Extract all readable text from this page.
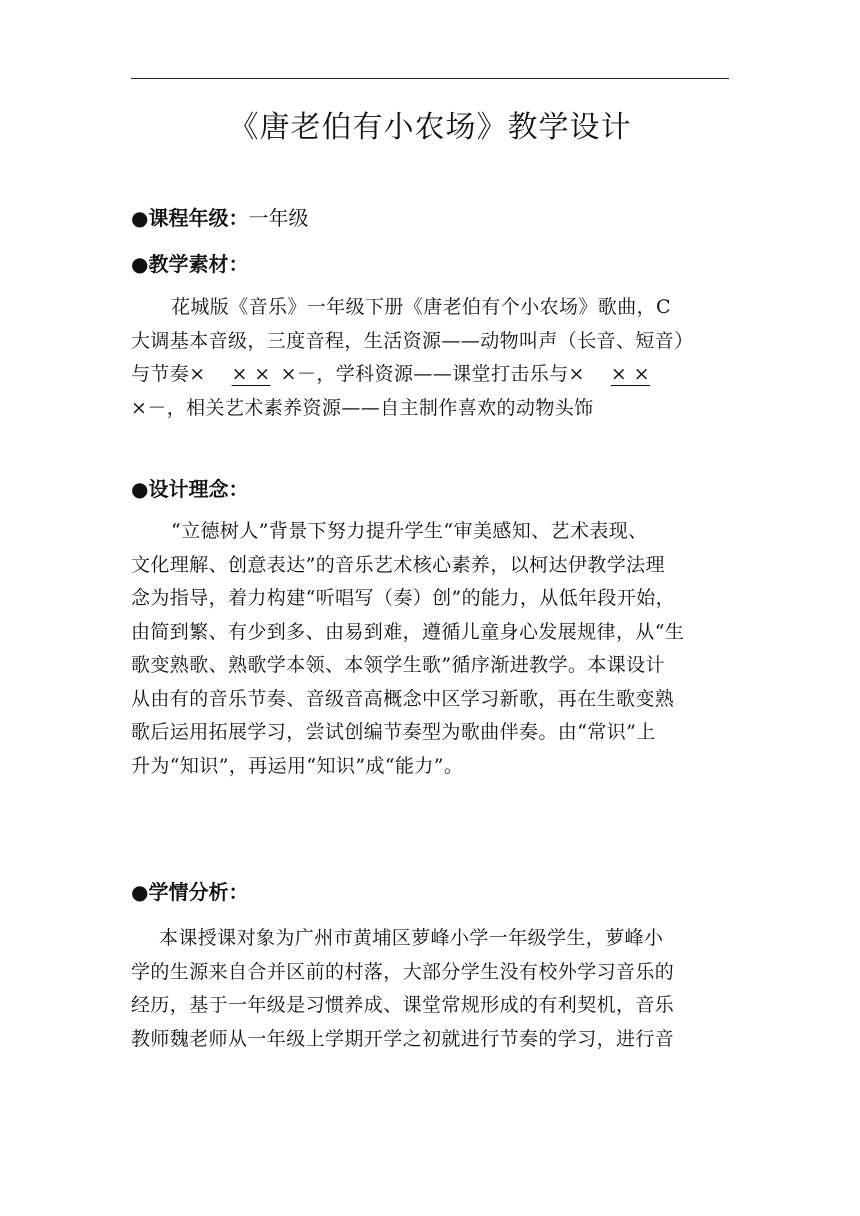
《唐老伯有小农场》教学设计
●课程年级：一年级
●教学素材：
花城版《音乐》一年级下册《唐老伯有个小农场》歌曲，C
大调基本音级，三度音程，生活资源——动物叫声（长音、短音）
与节奏× × × ×－，学科资源——课堂打击乐与× × ×
×－，相关艺术素养资源——自主制作喜欢的动物头饰
●设计理念：
“立德树人”背景下努力提升学生“审美感知、艺术表现、
文化理解、创意表达”的音乐艺术核心素养，以柯达伊教学法理
念为指导，着力构建“听唱写（奏）创”的能力，从低年段开始，
由简到繁、有少到多、由易到难，遵循儿童身心发展规律，从“生
歌变熟歌、熟歌学本领、本领学生歌”循序渐进教学。本课设计
从由有的音乐节奏、音级音高概念中区学习新歌，再在生歌变熟
歌后运用拓展学习，尝试创编节奏型为歌曲伴奏。由“常识”上
升为“知识”，再运用“知识”成“能力”。
●学情分析：
本课授课对象为广州市黄埔区萝峰小学一年级学生，萝峰小
学的生源来自合并区前的村落，大部分学生没有校外学习音乐的
经历，基于一年级是习惯养成、课堂常规形成的有利契机，音乐
教师魏老师从一年级上学期开学之初就进行节奏的学习，进行音
